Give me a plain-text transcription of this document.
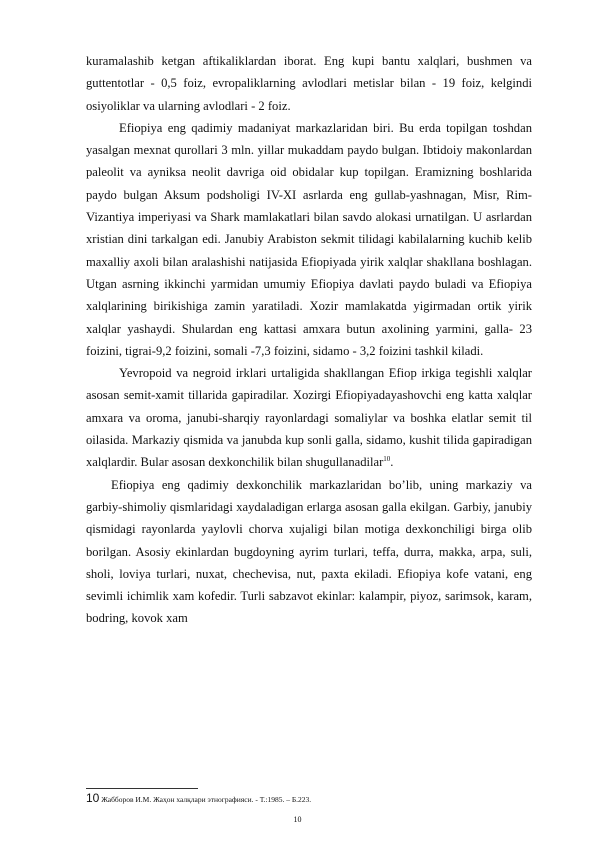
kuramalashib ketgan aftikaliklardan iborat. Eng kupi bantu xalqlari, bushmen va guttentotlar - 0,5 foiz, evropaliklarning avlodlari metislar bilan - 19 foiz, kelgindi osiyoliklar va ularning avlodlari - 2 foiz.

Efiopiya eng qadimiy madaniyat markazlaridan biri. Bu erda topilgan toshdan yasalgan mexnat qurollari 3 mln. yillar mukaddam paydo bulgan. Ibtidoiy makonlardan paleolit va ayniksa neolit davriga oid obidalar kup topilgan. Eramizning boshlarida paydo bulgan Aksum podsholigi IV-XI asrlarda eng gullab-yashnagan, Misr, Rim-Vizantiya imperiyasi va Shark mamlakatlari bilan savdo alokasi urnatilgan. U asrlardan xristian dini tarkalgan edi. Janubiy Arabiston sekmit tilidagi kabilalarning kuchib kelib maxalliy axoli bilan aralashishi natijasida Efiopiyada yirik xalqlar shakllana boshlagan. Utgan asrning ikkinchi yarmidan umumiy Efiopiya davlati paydo buladi va Efiopiya xalqlarining birikishiga zamin yaratiladi. Xozir mamlakatda yigirmadan ortik yirik xalqlar yashaydi. Shulardan eng kattasi amxara butun axolining yarmini, galla- 23 foizini, tigrai-9,2 foizini, somali -7,3 foizini, sidamo - 3,2 foizini tashkil kiladi.

Yevropoid va negroid irklari urtaligida shakllangan Efiop irkiga tegishli xalqlar asosan semit-xamit tillarida gapiradilar. Xozirgi Efiopiyadayashovchi eng katta xalqlar amxara va oroma, janubi-sharqiy rayonlardagi somaliylar va boshka elatlar semit til oilasida. Markaziy qismida va janubda kup sonli galla, sidamo, kushit tilida gapiradigan xalqlardir. Bular asosan dexkonchilik bilan shugullanadilar$^{10}$.

Efiopiya eng qadimiy dexkonchilik markazlaridan bo’lib, uning markaziy va garbiy-shimoliy qismlaridagi xaydaladigan erlarga asosan galla ekilgan. Garbiy, janubiy qismidagi rayonlarda yaylovli chorva xujaligi bilan motiga dexkonchiligi birga olib borilgan. Asosiy ekinlardan bugdoyning ayrim turlari, teffa, durra, makka, arpa, suli, sholi, loviya turlari, nuxat, chechevisa, nut, paxta ekiladi. Efiopiya kofe vatani, eng sevimli ichimlik xam kofedir. Turli sabzavot ekinlar: kalampir, piyoz, sarimsok, karam, bodring, kovok xam

10 Жабборов И.М. Жаҳон халқлари этнографияси. - Т.:1985. – Б.223.
10
